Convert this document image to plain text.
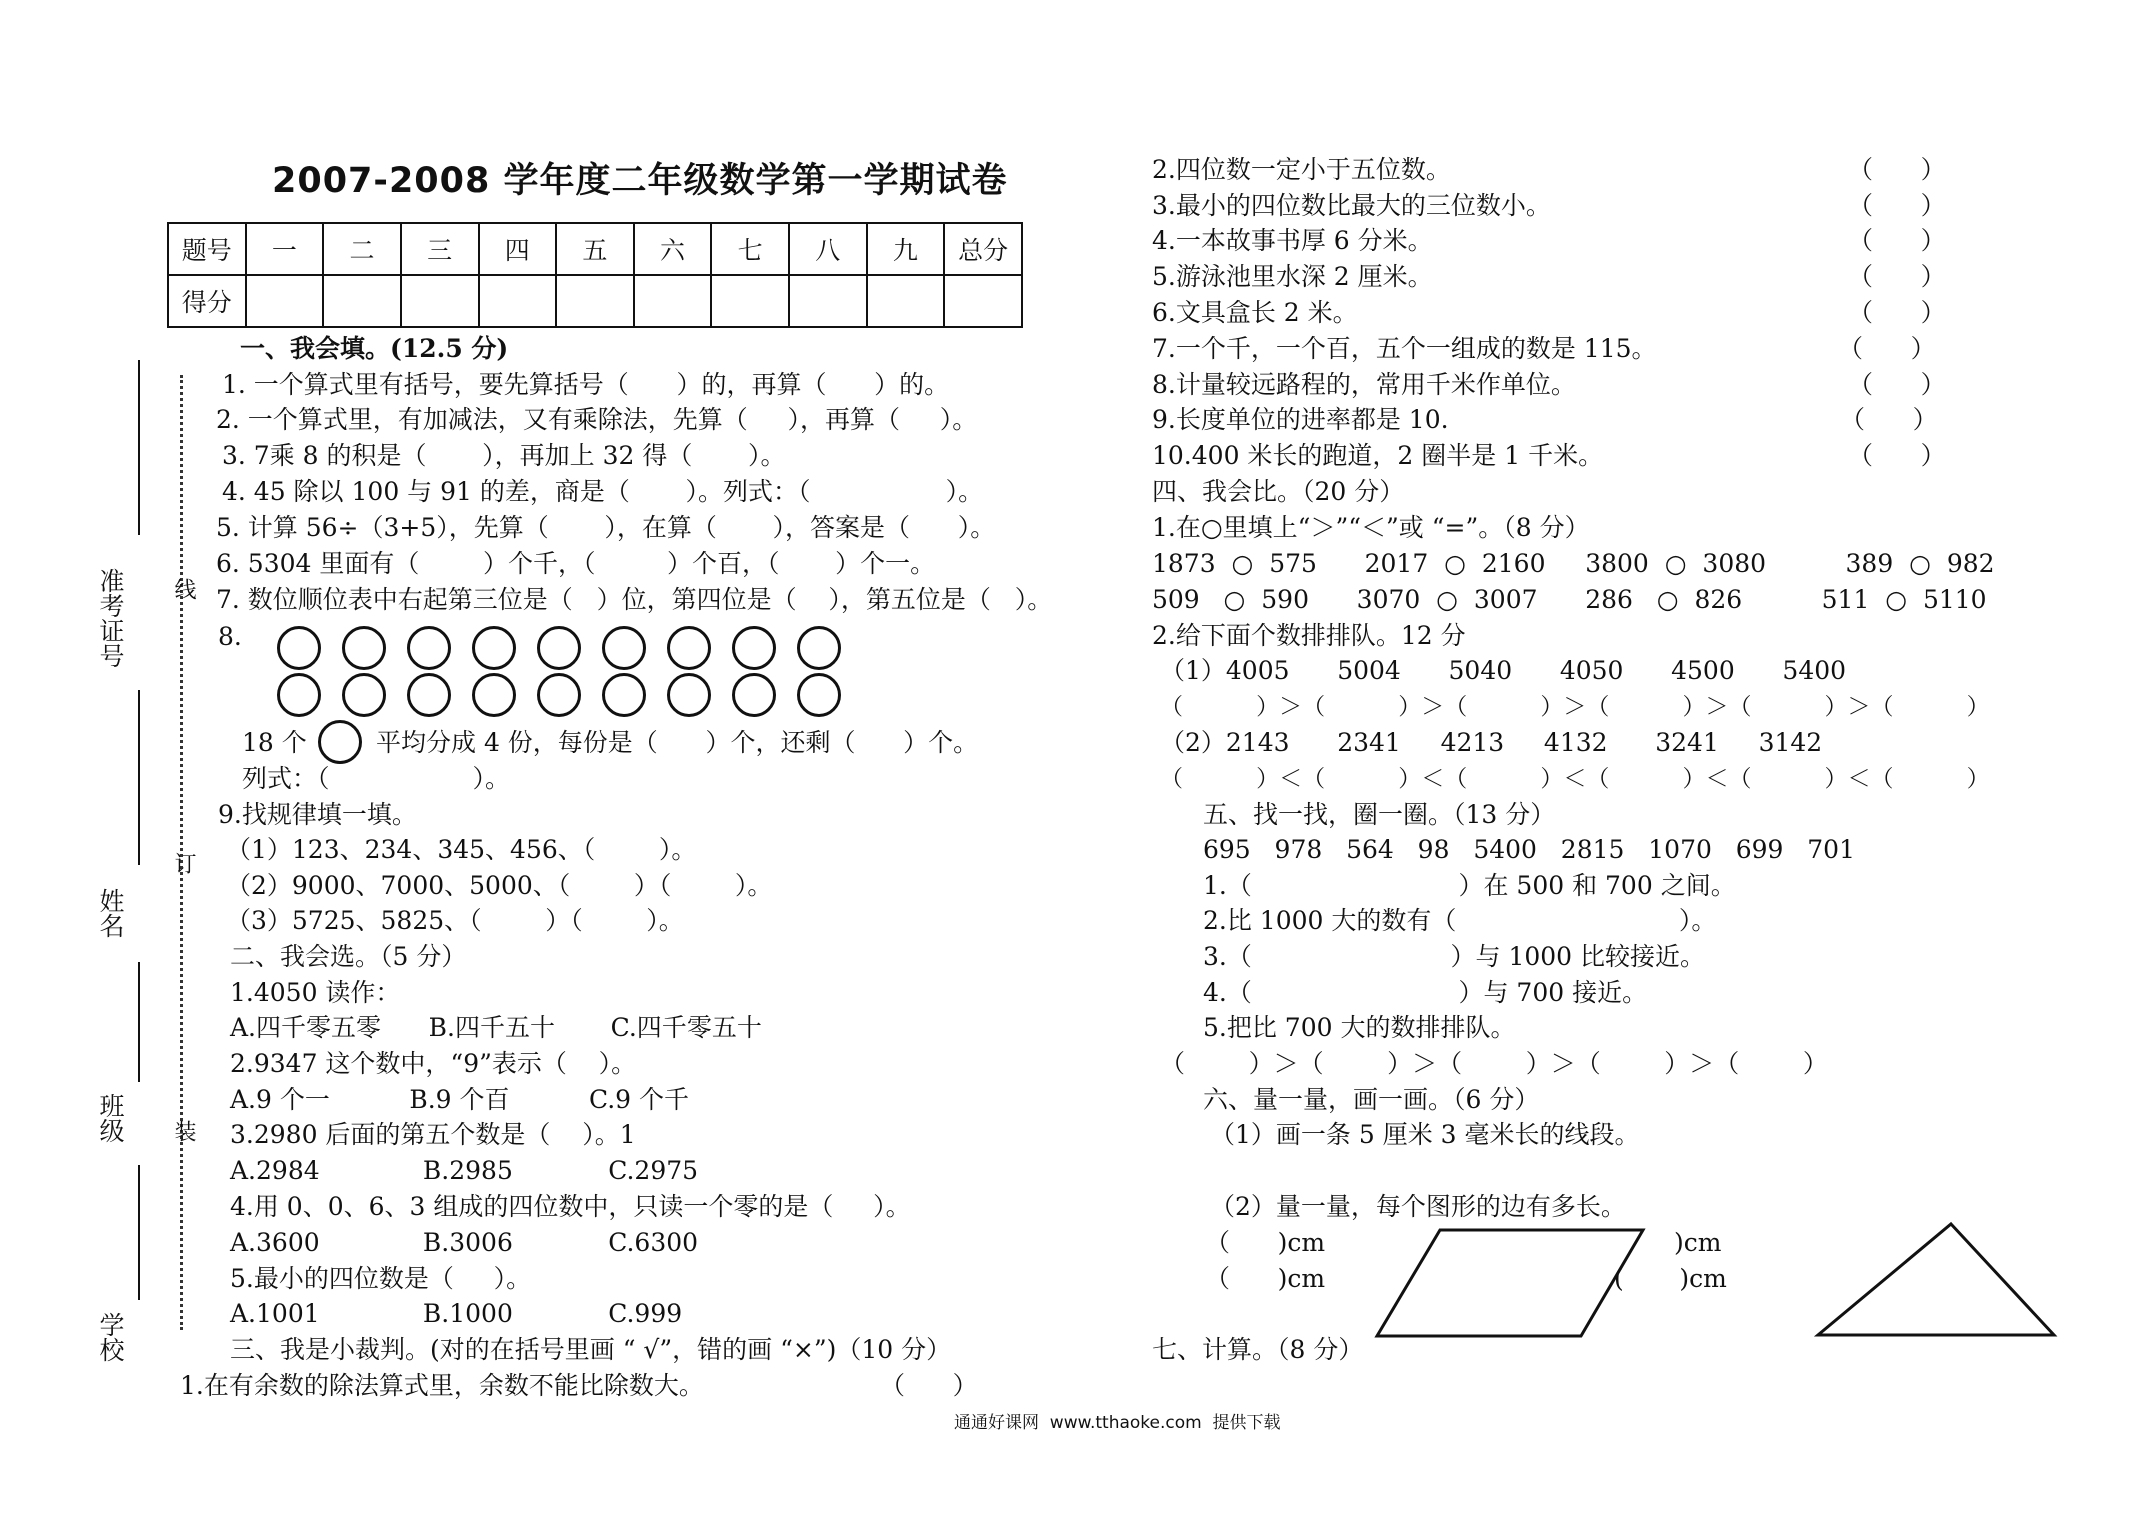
2007-2008 学年度二年级数学第一学期试卷
题号	一	二	三	四	五	六	七	八	九	总分
得分										
准考证号
姓名
班级
学校
线
订
装
一、我会填。(12.5 分)
1. 一个算式里有括号，要先算括号（      ）的，再算（      ）的。
2. 一个算式里，有加减法，又有乘除法，先算（     ），再算（     ）。
3. 7乘 8 的积是（       ），再加上 32 得（       ）。
4. 45 除以 100 与 91 的差，商是（       ）。列式：（                 ）。
5. 计算 56÷（3+5），先算（       ），在算（       ），答案是（      ）。
6. 5304 里面有（        ）个千，（         ）个百，（       ）个一。
7. 数位顺位表中右起第三位是（   ）位，第四位是（    ），第五位是（   ）。
8.
18 个	平均分成 4 份，每份是（      ）个，还剩（      ）个。
列式：（                  ）。
9.找规律填一填。
（1）123、234、345、456、（        ）。
（2）9000、7000、5000、（        ）（        ）。
（3）5725、5825、（        ）（        ）。
二、我会选。（5 分）
1.4050 读作：
A.四千零五零      B.四千五十       C.四千零五十
2.9347 这个数中，“9”表示（    ）。
A.9 个一          B.9 个百          C.9 个千
3.2980 后面的第五个数是（    ）。1
A.2984             B.2985            C.2975
4.用 0、0、6、3 组成的四位数中，只读一个零的是（     ）。
A.3600             B.3006            C.6300
5.最小的四位数是（     ）。
A.1001             B.1000            C.999
三、我是小裁判。(对的在括号里画 “ √”，错的画 “×”)（10 分）
1.在有余数的除法算式里，余数不能比除数大。	（      ）
2.四位数一定小于五位数。	（      ）
3.最小的四位数比最大的三位数小。	（      ）
4.一本故事书厚 6 分米。	（      ）
5.游泳池里水深 2 厘米。	（      ）
6.文具盒长 2 米。	（      ）
7.一个千，一个百，五个一组成的数是 115。	（      ）
8.计量较远路程的，常用千米作单位。	（      ）
9.长度单位的进率都是 10.	（      ）
10.400 米长的跑道，2 圈半是 1 千米。	（      ）
四、我会比。（20 分）
1.在○里填上“＞”“＜”或 “=”。（8 分）
1873  ○  575      2017  ○  2160     3800  ○  3080          389  ○  982
509   ○  590      3070  ○  3007      286   ○  826          511  ○  5110
2.给下面个数排排队。12 分
（1）4005      5004      5040      4050      4500      5400
（          ）＞（          ）＞（          ）＞（          ）＞（          ）＞（          ）
（2）2143      2341     4213     4132      3241     3142
（          ）＜（          ）＜（          ）＜（          ）＜（          ）＜（          ）
五、找一找，圈一圈。（13 分）
695   978   564   98   5400   2815   1070   699   701
1.（                          ）在 500 和 700 之间。
2.比 1000 大的数有（                            ）。
3.（                         ）与 1000 比较接近。
4.（                          ）与 700 接近。
5.把比 700 大的数排排队。
（        ）＞（        ）＞（        ）＞（        ）＞（        ）
六、量一量，画一画。（6 分）
（1）画一条 5 厘米 3 毫米长的线段。
（2）量一量，每个图形的边有多长。
（      )cm
（      )cm
)cm
(       )cm
七、计算。（8 分）
通通好课网  www.tthaoke.com  提供下载
